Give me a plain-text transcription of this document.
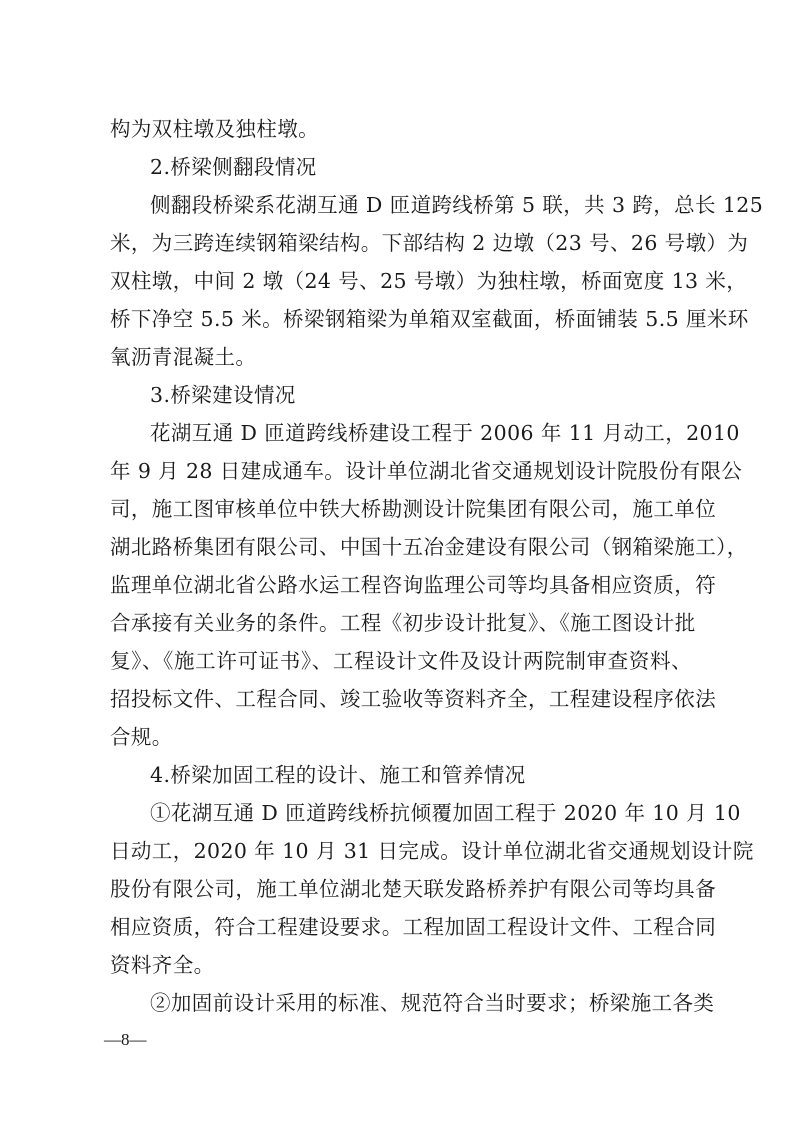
构为双柱墩及独柱墩。
2.桥梁侧翻段情况
侧翻段桥梁系花湖互通 D 匝道跨线桥第 5 联，共 3 跨，总长 125
米，为三跨连续钢箱梁结构。下部结构 2 边墩（23 号、26 号墩）为
双柱墩，中间 2 墩（24 号、25 号墩）为独柱墩，桥面宽度 13 米，
桥下净空 5.5 米。桥梁钢箱梁为单箱双室截面，桥面铺装 5.5 厘米环
氧沥青混凝土。
3.桥梁建设情况
花湖互通 D 匝道跨线桥建设工程于 2006 年 11 月动工，2010
年 9 月 28 日建成通车。设计单位湖北省交通规划设计院股份有限公
司，施工图审核单位中铁大桥勘测设计院集团有限公司，施工单位
湖北路桥集团有限公司、中国十五冶金建设有限公司（钢箱梁施工），
监理单位湖北省公路水运工程咨询监理公司等均具备相应资质，符
合承接有关业务的条件。工程《初步设计批复》、《施工图设计批
复》、《施工许可证书》、工程设计文件及设计两院制审查资料、
招投标文件、工程合同、竣工验收等资料齐全，工程建设程序依法
合规。
4.桥梁加固工程的设计、施工和管养情况
①花湖互通 D 匝道跨线桥抗倾覆加固工程于 2020 年 10 月 10
日动工，2020 年 10 月 31 日完成。设计单位湖北省交通规划设计院
股份有限公司，施工单位湖北楚天联发路桥养护有限公司等均具备
相应资质，符合工程建设要求。工程加固工程设计文件、工程合同
资料齐全。
②加固前设计采用的标准、规范符合当时要求；桥梁施工各类
—8—
